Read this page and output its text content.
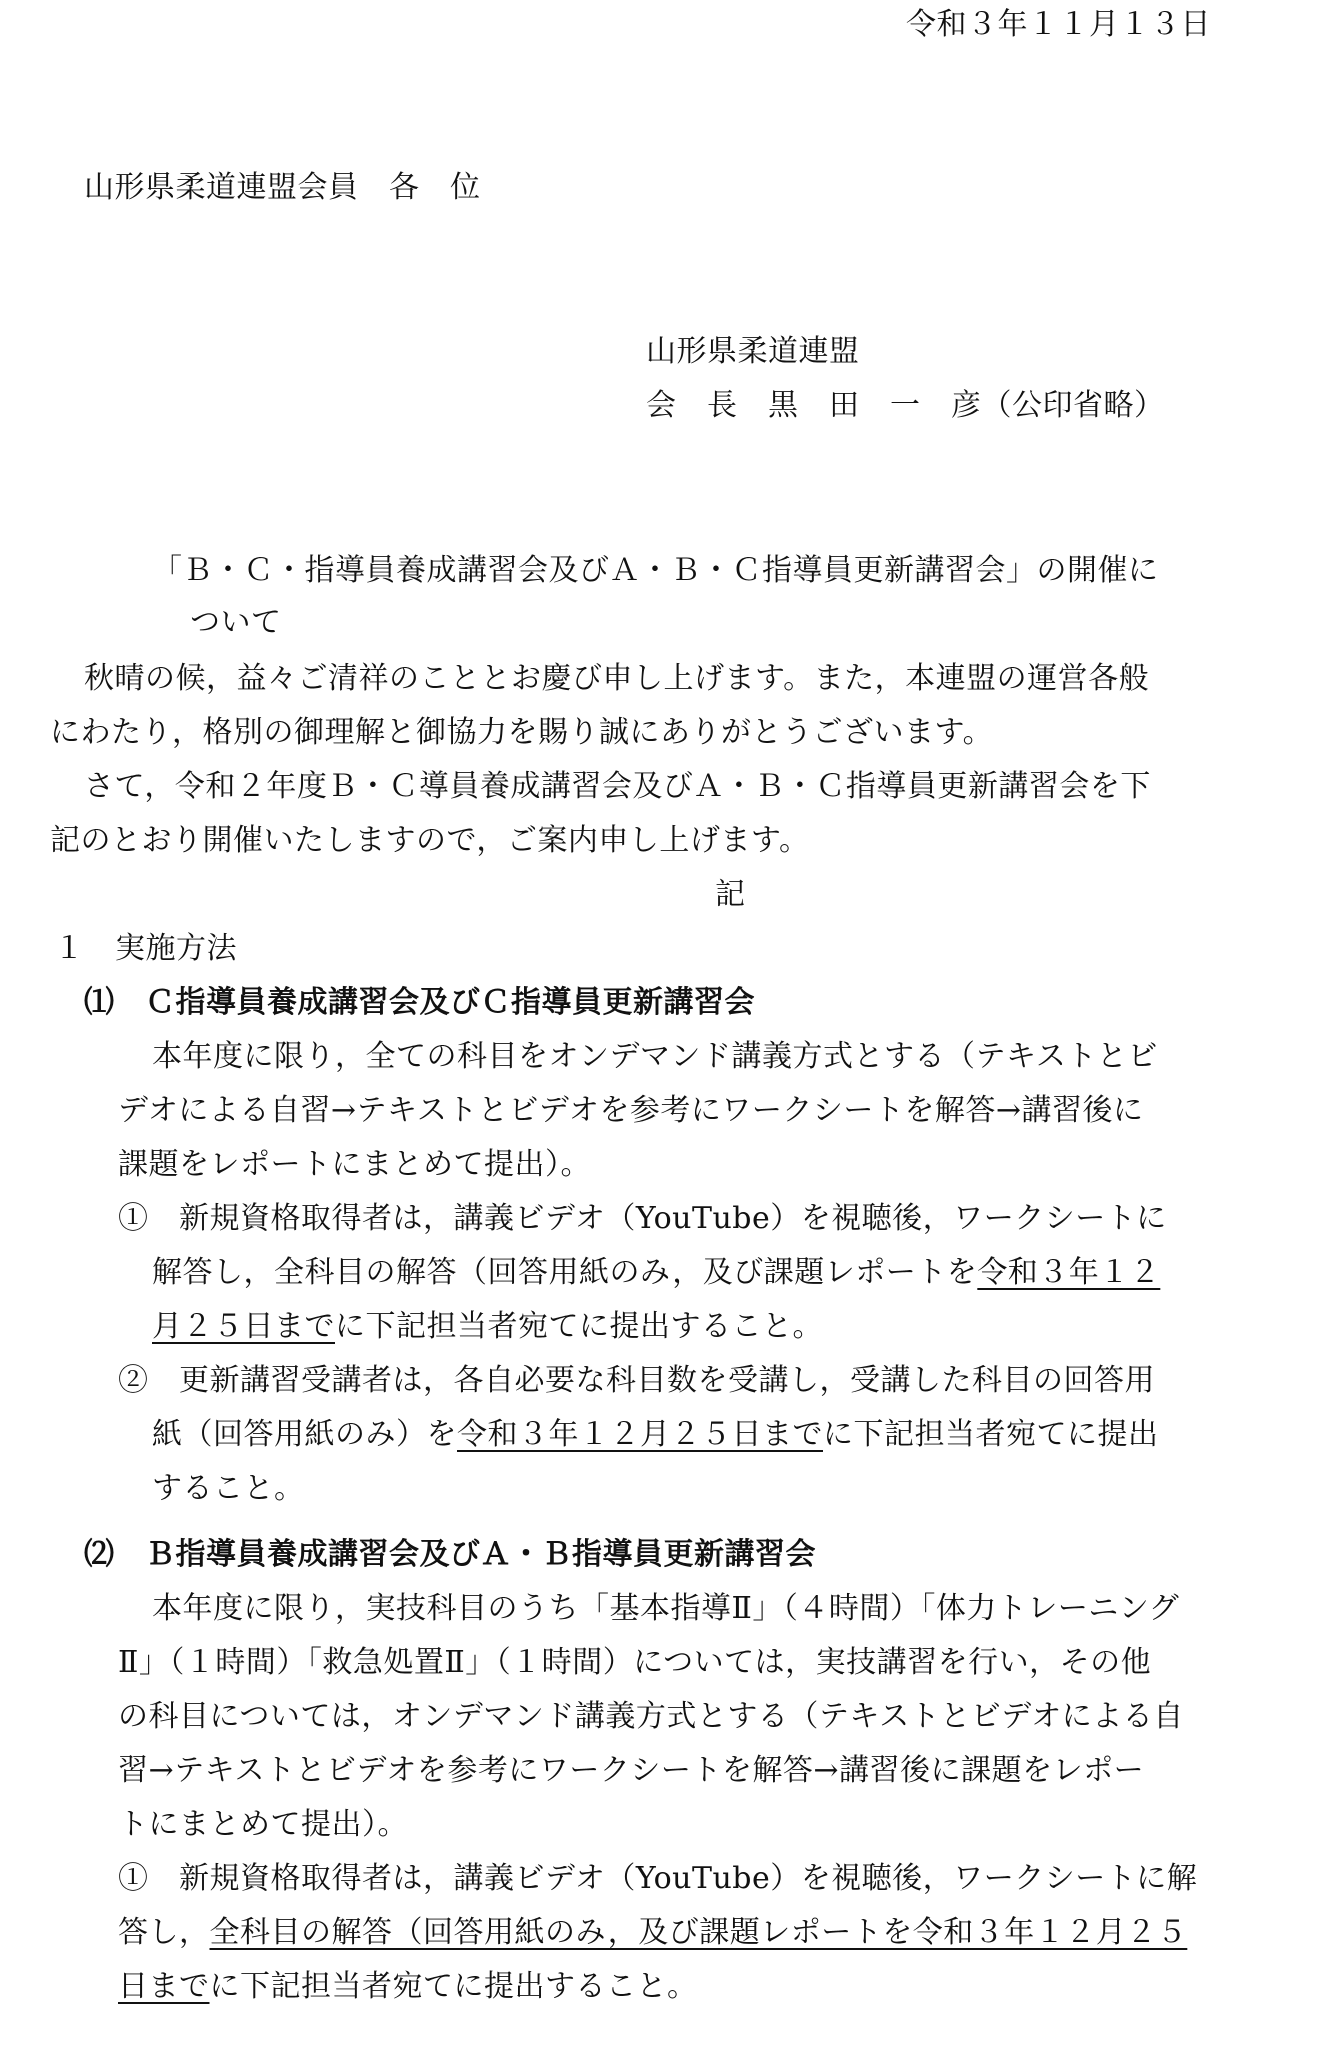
令和３年１１月１３日
山形県柔道連盟会員　各　位
山形県柔道連盟
会　長　黒　田　一　彦（公印省略）
「Ｂ・Ｃ・指導員養成講習会及びＡ・Ｂ・Ｃ指導員更新講習会」の開催に
ついて
秋晴の候，益々ご清祥のこととお慶び申し上げます。また，本連盟の運営各般
にわたり，格別の御理解と御協力を賜り誠にありがとうございます。
さて，令和２年度Ｂ・Ｃ導員養成講習会及びＡ・Ｂ・Ｃ指導員更新講習会を下
記のとおり開催いたしますので，ご案内申し上げます。
記
１　実施方法
⑴　Ｃ指導員養成講習会及びＣ指導員更新講習会
本年度に限り，全ての科目をオンデマンド講義方式とする（テキストとビ
デオによる自習→テキストとビデオを参考にワークシートを解答→講習後に
課題をレポートにまとめて提出）。
①　新規資格取得者は，講義ビデオ（YouTube）を視聴後，ワークシートに
解答し，全科目の解答（回答用紙のみ，及び課題レポートを令和３年１２
月２５日までに下記担当者宛てに提出すること。
②　更新講習受講者は，各自必要な科目数を受講し，受講した科目の回答用
紙（回答用紙のみ）を令和３年１２月２５日までに下記担当者宛てに提出
すること。
⑵　Ｂ指導員養成講習会及びＡ・Ｂ指導員更新講習会
本年度に限り，実技科目のうち「基本指導Ⅱ」（４時間）「体力トレーニング
Ⅱ」（１時間）「救急処置Ⅱ」（１時間）については，実技講習を行い，その他
の科目については，オンデマンド講義方式とする（テキストとビデオによる自
習→テキストとビデオを参考にワークシートを解答→講習後に課題をレポー
トにまとめて提出）。
①　新規資格取得者は，講義ビデオ（YouTube）を視聴後，ワークシートに解
答し，全科目の解答（回答用紙のみ，及び課題レポートを令和３年１２月２５
日までに下記担当者宛てに提出すること。
